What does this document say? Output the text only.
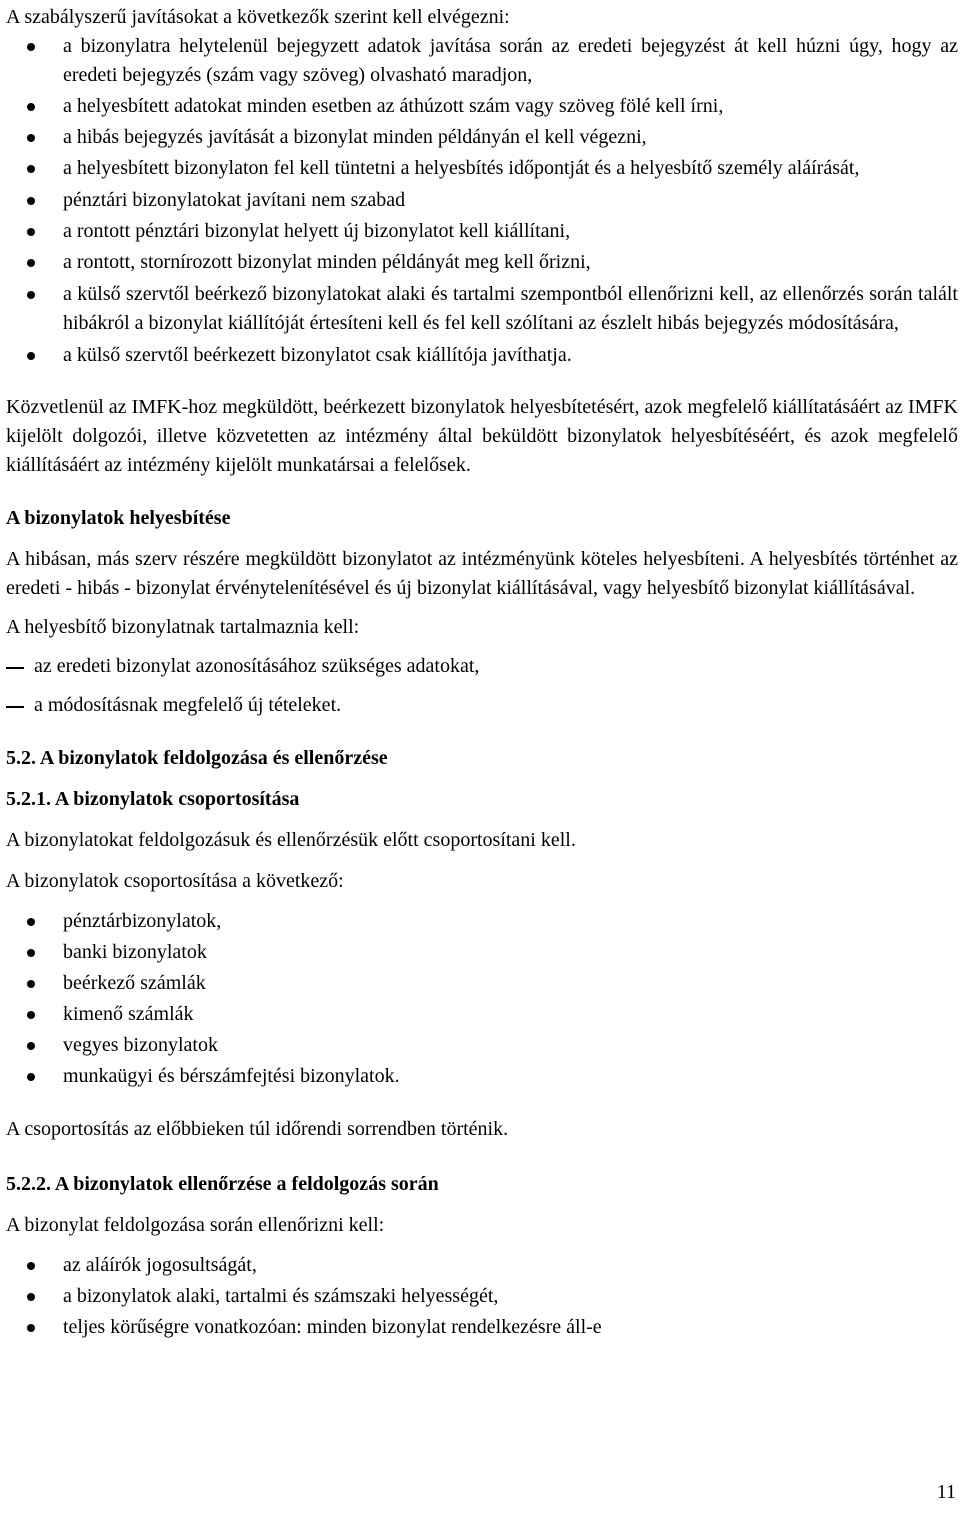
A szabályszerű javításokat a következők szerint kell elvégezni:

a bizonylatra helytelenül bejegyzett adatok javítása során az eredeti bejegyzést át kell húzni úgy, hogy az eredeti bejegyzés (szám vagy szöveg) olvasható maradjon,
a helyesbített adatokat minden esetben az áthúzott szám vagy szöveg fölé kell írni,
a hibás bejegyzés javítását a bizonylat minden példányán el kell végezni,
a helyesbített bizonylaton fel kell tüntetni a helyesbítés időpontját és a helyesbítő személy aláírását,
pénztári bizonylatokat javítani nem szabad
a rontott pénztári bizonylat helyett új bizonylatot kell kiállítani,
a rontott, stornírozott bizonylat minden példányát meg kell őrizni,
a külső szervtől beérkező bizonylatokat alaki és tartalmi szempontból ellenőrizni kell, az ellenőrzés során talált hibákról a bizonylat kiállítóját értesíteni kell és fel kell szólítani az észlelt hibás bejegyzés módosítására,
a külső szervtől beérkezett bizonylatot csak kiállítója javíthatja.

Közvetlenül az IMFK-hoz megküldött, beérkezett bizonylatok helyesbítetésért, azok megfelelő kiállítatásáért az IMFK kijelölt dolgozói, illetve közvetetten az intézmény által beküldött bizonylatok helyesbítéséért, és azok megfelelő kiállításáért az intézmény kijelölt munkatársai a felelősek.

A bizonylatok helyesbítése

A hibásan, más szerv részére megküldött bizonylatot az intézményünk köteles helyesbíteni. A helyesbítés történhet az eredeti - hibás - bizonylat érvénytelenítésével és új bizonylat kiállításával, vagy helyesbítő bizonylat kiállításával.

A helyesbítő bizonylatnak tartalmaznia kell:

az eredeti bizonylat azonosításához szükséges adatokat,
a módosításnak megfelelő új tételeket.
5.2. A bizonylatok feldolgozása és ellenőrzése
5.2.1. A bizonylatok csoportosítása

A bizonylatokat feldolgozásuk és ellenőrzésük előtt csoportosítani kell.

A bizonylatok csoportosítása a következő:

pénztárbizonylatok,
banki bizonylatok
beérkező számlák
kimenő számlák
vegyes bizonylatok
munkaügyi és bérszámfejtési bizonylatok.

A csoportosítás az előbbieken túl időrendi sorrendben történik.

5.2.2. A bizonylatok ellenőrzése a feldolgozás során

A bizonylat feldolgozása során ellenőrizni kell:

az aláírók jogosultságát,
a bizonylatok alaki, tartalmi és számszaki helyességét,
teljes körűségre vonatkozóan: minden bizonylat rendelkezésre áll-e
11
